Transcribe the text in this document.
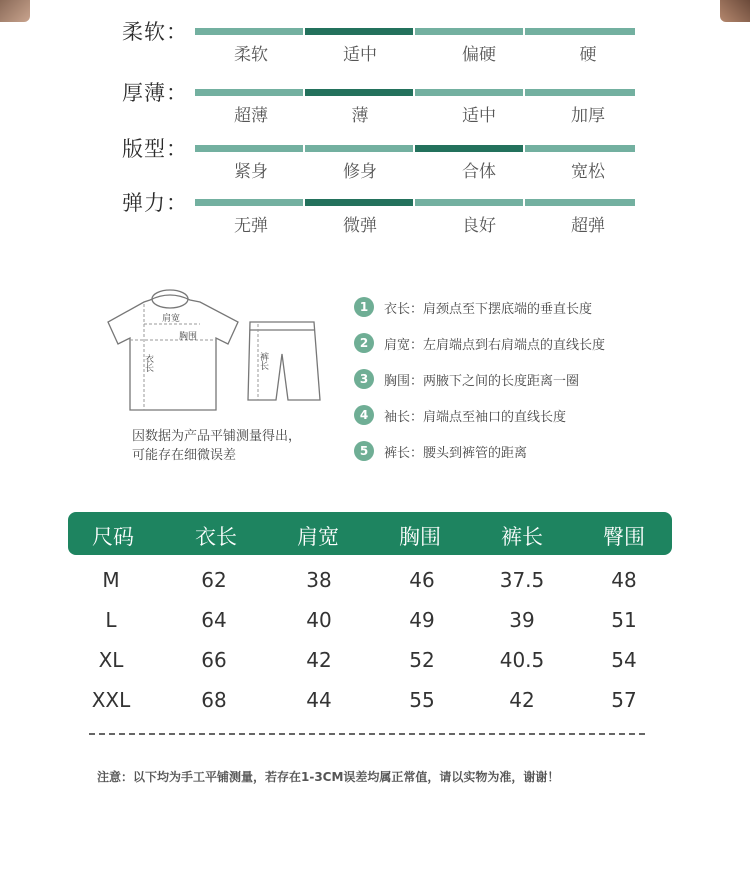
柔软：
柔软	适中	偏硬	硬
厚薄：
超薄	薄	适中	加厚
版型：
紧身	修身	合体	宽松
弹力：
无弹	微弹	良好	超弹
肩宽
胸围
衣长	裤长
因数据为产品平铺测量得出，
可能存在细微误差
1	衣长：肩颈点至下摆底端的垂直长度
2	肩宽：左肩端点到右肩端点的直线长度
3	胸围：两腋下之间的长度距离一圈
4	袖长：肩端点至袖口的直线长度
5	裤长：腰头到裤管的距离
尺码	衣长	肩宽	胸围	裤长	臀围
M	62	38	46	37.5	48
L	64	40	49	39	51
XL	66	42	52	40.5	54
XXL	68	44	55	42	57
注意：以下均为手工平铺测量，若存在1-3CM误差均属正常值，请以实物为准，谢谢！
